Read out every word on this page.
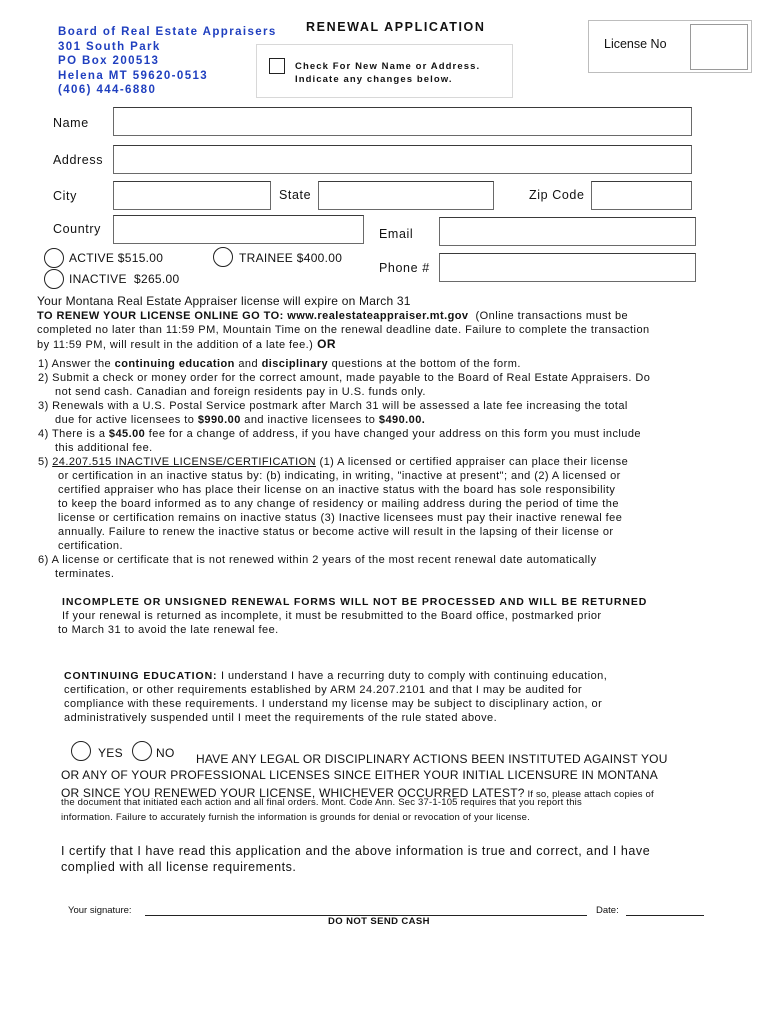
Board of Real Estate Appraisers
301 South Park
PO Box 200513
Helena MT 59620-0513
(406) 444-6880
RENEWAL APPLICATION
Check For New Name or Address.
Indicate any changes below.
License No
Name
Address
City	State	Zip Code
Country	Email
Phone #
ACTIVE $515.00	TRAINEE $400.00
INACTIVE  $265.00
Your Montana Real Estate Appraiser license will expire on March 31
TO RENEW YOUR LICENSE ONLINE GO TO: www.realestateappraiser.mt.gov  (Online transactions must be
completed no later than 11:59 PM, Mountain Time on the renewal deadline date. Failure to complete the transaction
by 11:59 PM, will result in the addition of a late fee.) OR
1) Answer the continuing education and disciplinary questions at the bottom of the form.
2) Submit a check or money order for the correct amount, made payable to the Board of Real Estate Appraisers. Do
not send cash. Canadian and foreign residents pay in U.S. funds only.
3) Renewals with a U.S. Postal Service postmark after March 31 will be assessed a late fee increasing the total
due for active licensees to $990.00 and inactive licensees to $490.00.
4) There is a $45.00 fee for a change of address, if you have changed your address on this form you must include
this additional fee.
5) 24.207.515 INACTIVE LICENSE/CERTIFICATION (1) A licensed or certified appraiser can place their license
or certification in an inactive status by: (b) indicating, in writing, "inactive at present"; and (2) A licensed or
certified appraiser who has place their license on an inactive status with the board has sole responsibility
to keep the board informed as to any change of residency or mailing address during the period of time the
license or certification remains on inactive status (3) Inactive licensees must pay their inactive renewal fee
annually. Failure to renew the inactive status or become active will result in the lapsing of their license or
certification.
6) A license or certificate that is not renewed within 2 years of the most recent renewal date automatically
terminates.
INCOMPLETE OR UNSIGNED RENEWAL FORMS WILL NOT BE PROCESSED AND WILL BE RETURNED
If your renewal is returned as incomplete, it must be resubmitted to the Board office, postmarked prior
to March 31 to avoid the late renewal fee.
CONTINUING EDUCATION: I understand I have a recurring duty to comply with continuing education,
certification, or other requirements established by ARM 24.207.2101 and that I may be audited for
compliance with these requirements. I understand my license may be subject to disciplinary action, or
administratively suspended until I meet the requirements of the rule stated above.
YES	NO HAVE ANY LEGAL OR DISCIPLINARY ACTIONS BEEN INSTITUTED AGAINST YOU
OR ANY OF YOUR PROFESSIONAL LICENSES SINCE EITHER YOUR INITIAL LICENSURE IN MONTANA
OR SINCE YOU RENEWED YOUR LICENSE, WHICHEVER OCCURRED LATEST? If so, please attach copies of
the document that initiated each action and all final orders. Mont. Code Ann. Sec 37-1-105 requires that you report this
information. Failure to accurately furnish the information is grounds for denial or revocation of your license.
I certify that I have read this application and the above information is true and correct, and I have
complied with all license requirements.
Your signature:	Date:
DO NOT SEND CASH
